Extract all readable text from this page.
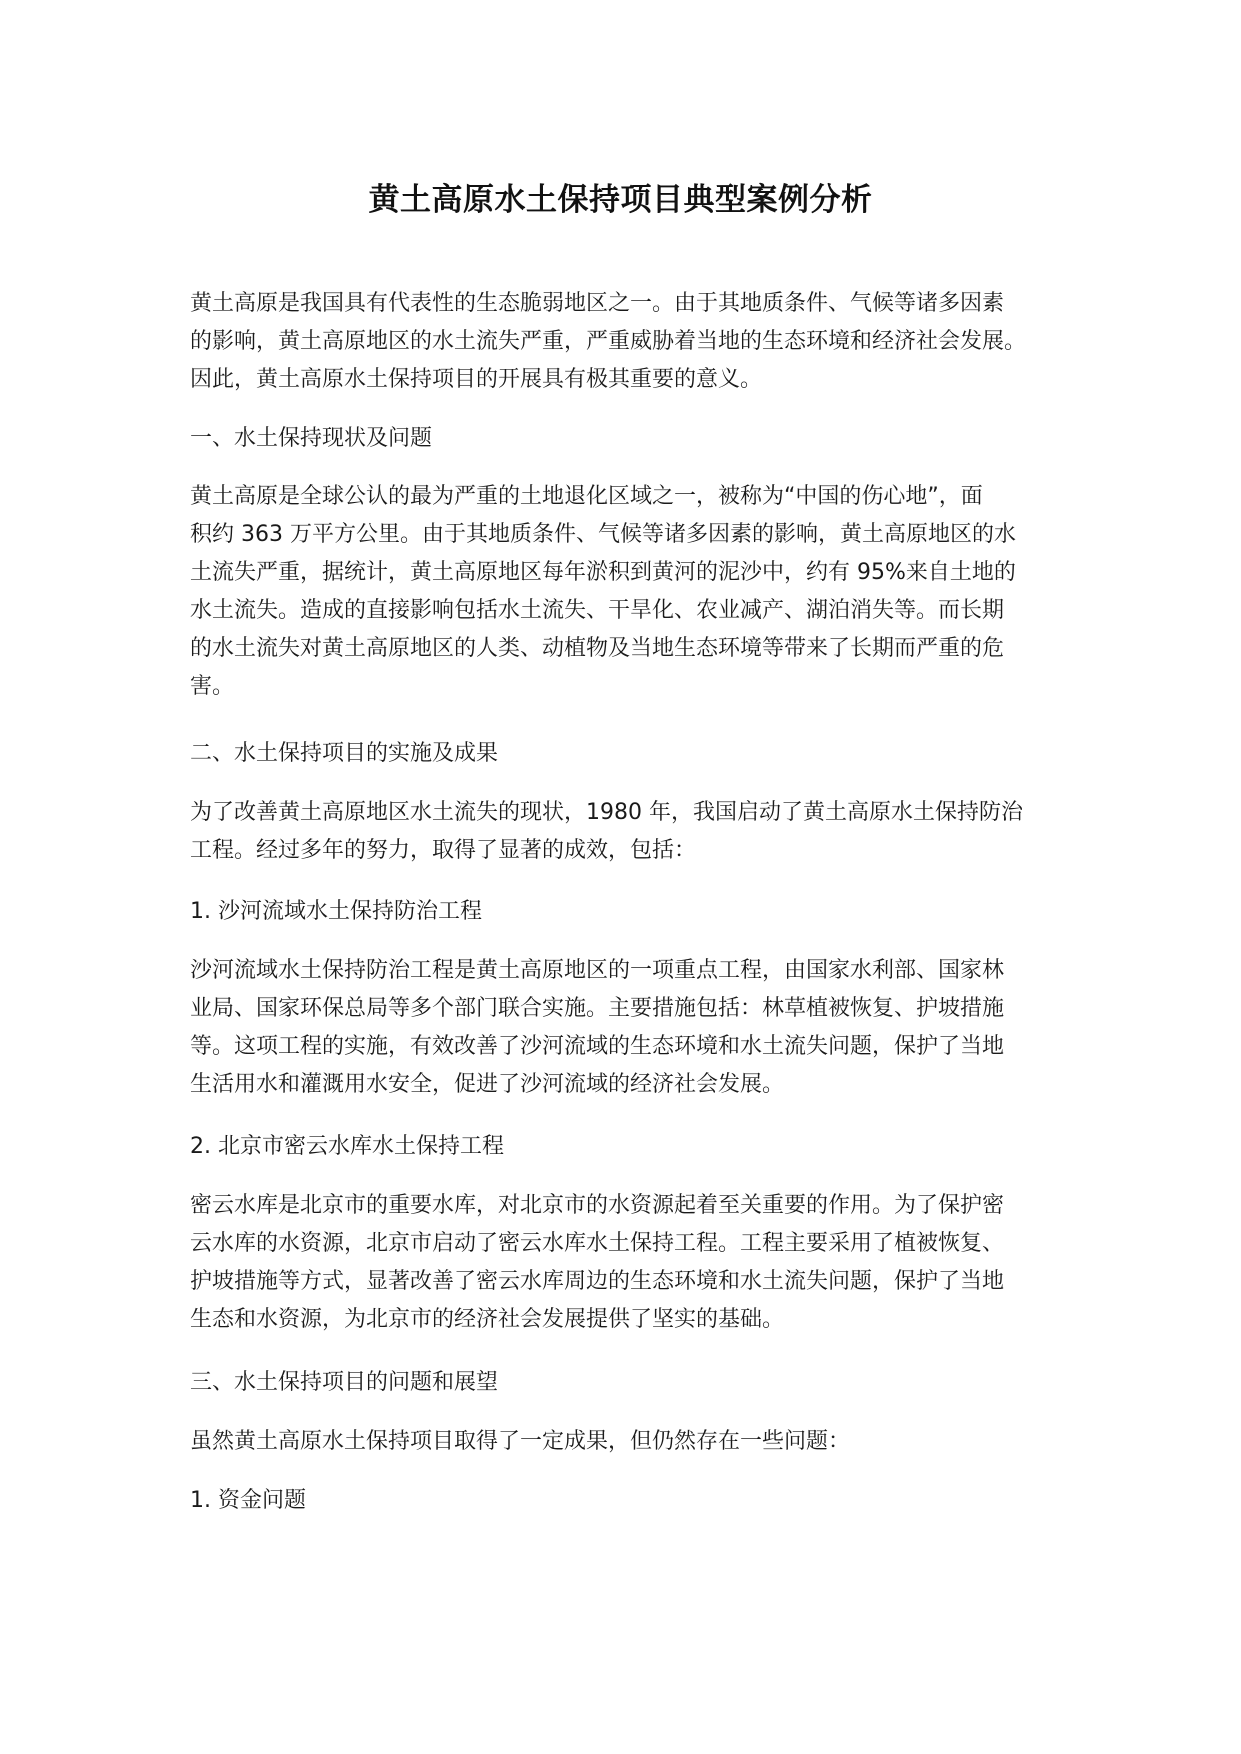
黄土高原水土保持项目典型案例分析
黄土高原是我国具有代表性的生态脆弱地区之一。由于其地质条件、气候等诸多因素
的影响，黄土高原地区的水土流失严重，严重威胁着当地的生态环境和经济社会发展。
因此，黄土高原水土保持项目的开展具有极其重要的意义。
一、水土保持现状及问题
黄土高原是全球公认的最为严重的土地退化区域之一，被称为“中国的伤心地”，面
积约 363 万平方公里。由于其地质条件、气候等诸多因素的影响，黄土高原地区的水
土流失严重，据统计，黄土高原地区每年淤积到黄河的泥沙中，约有 95%来自土地的
水土流失。造成的直接影响包括水土流失、干旱化、农业减产、湖泊消失等。而长期
的水土流失对黄土高原地区的人类、动植物及当地生态环境等带来了长期而严重的危
害。
二、水土保持项目的实施及成果
为了改善黄土高原地区水土流失的现状，1980 年，我国启动了黄土高原水土保持防治
工程。经过多年的努力，取得了显著的成效，包括：
1. 沙河流域水土保持防治工程
沙河流域水土保持防治工程是黄土高原地区的一项重点工程，由国家水利部、国家林
业局、国家环保总局等多个部门联合实施。主要措施包括：林草植被恢复、护坡措施
等。这项工程的实施，有效改善了沙河流域的生态环境和水土流失问题，保护了当地
生活用水和灌溉用水安全，促进了沙河流域的经济社会发展。
2. 北京市密云水库水土保持工程
密云水库是北京市的重要水库，对北京市的水资源起着至关重要的作用。为了保护密
云水库的水资源，北京市启动了密云水库水土保持工程。工程主要采用了植被恢复、
护坡措施等方式，显著改善了密云水库周边的生态环境和水土流失问题，保护了当地
生态和水资源，为北京市的经济社会发展提供了坚实的基础。
三、水土保持项目的问题和展望
虽然黄土高原水土保持项目取得了一定成果，但仍然存在一些问题：
1. 资金问题
